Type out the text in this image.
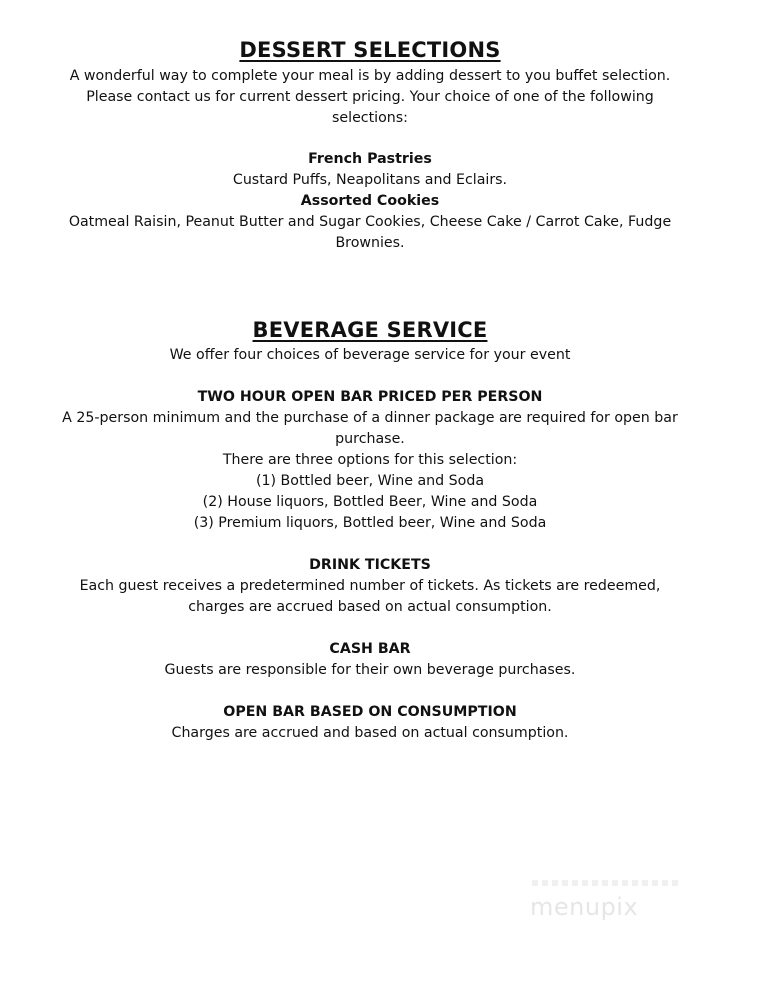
DESSERT SELECTIONS
A wonderful way to complete your meal is by adding dessert to you buffet selection.
Please contact us for current dessert pricing. Your choice of one of the following
selections:
French Pastries
Custard Puffs, Neapolitans and Eclairs.
Assorted Cookies
Oatmeal Raisin, Peanut Butter and Sugar Cookies, Cheese Cake / Carrot Cake, Fudge
Brownies.
BEVERAGE SERVICE
We offer four choices of beverage service for your event
TWO HOUR OPEN BAR PRICED PER PERSON
A 25-person minimum and the purchase of a dinner package are required for open bar
purchase.
There are three options for this selection:
(1) Bottled beer, Wine and Soda
(2) House liquors, Bottled Beer, Wine and Soda
(3) Premium liquors, Bottled beer, Wine and Soda
DRINK TICKETS
Each guest receives a predetermined number of tickets. As tickets are redeemed,
charges are accrued based on actual consumption.
CASH BAR
Guests are responsible for their own beverage purchases.
OPEN BAR BASED ON CONSUMPTION
Charges are accrued and based on actual consumption.
menupix
